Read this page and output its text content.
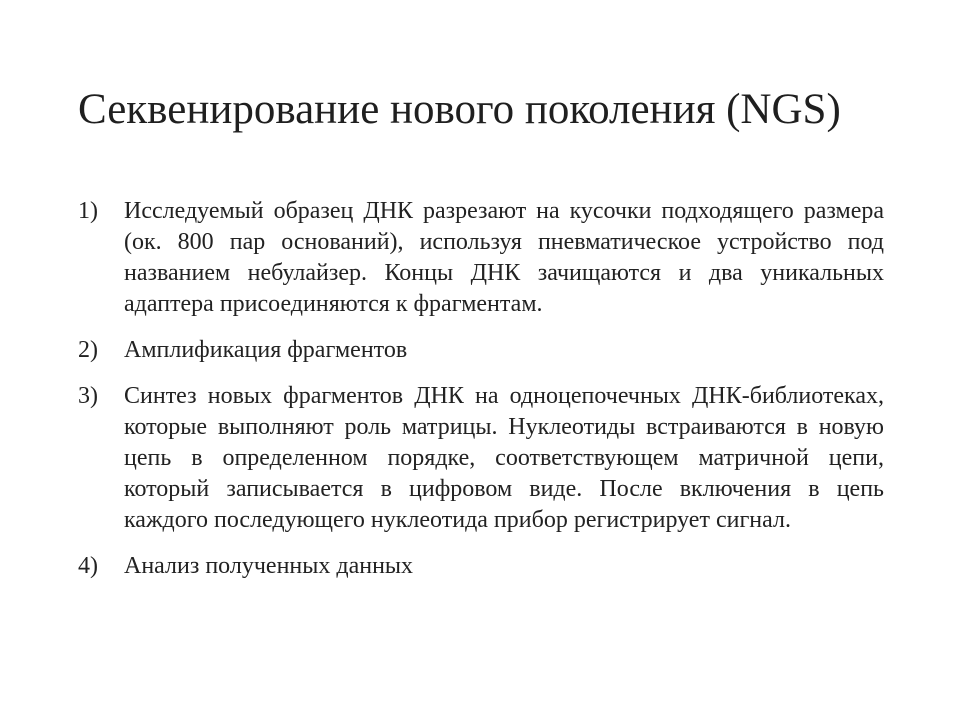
Секвенирование нового поколения (NGS)
1)	Исследуемый образец ДНК разрезают на кусочки подходящего размера (ок. 800 пар оснований), используя пневматическое устройство под названием небулайзер. Концы ДНК зачищаются и два уникальных адаптера присоединяются к фрагментам.
2)	Амплификация фрагментов
3)	Синтез новых фрагментов ДНК на одноцепочечных ДНК-библиотеках, которые выполняют роль матрицы. Нуклеотиды встраиваются в новую цепь в определенном порядке, соответствующем матричной цепи, который записывается в цифровом виде. После включения в цепь каждого последующего нуклеотида прибор регистрирует сигнал.
4)	Анализ полученных данных
